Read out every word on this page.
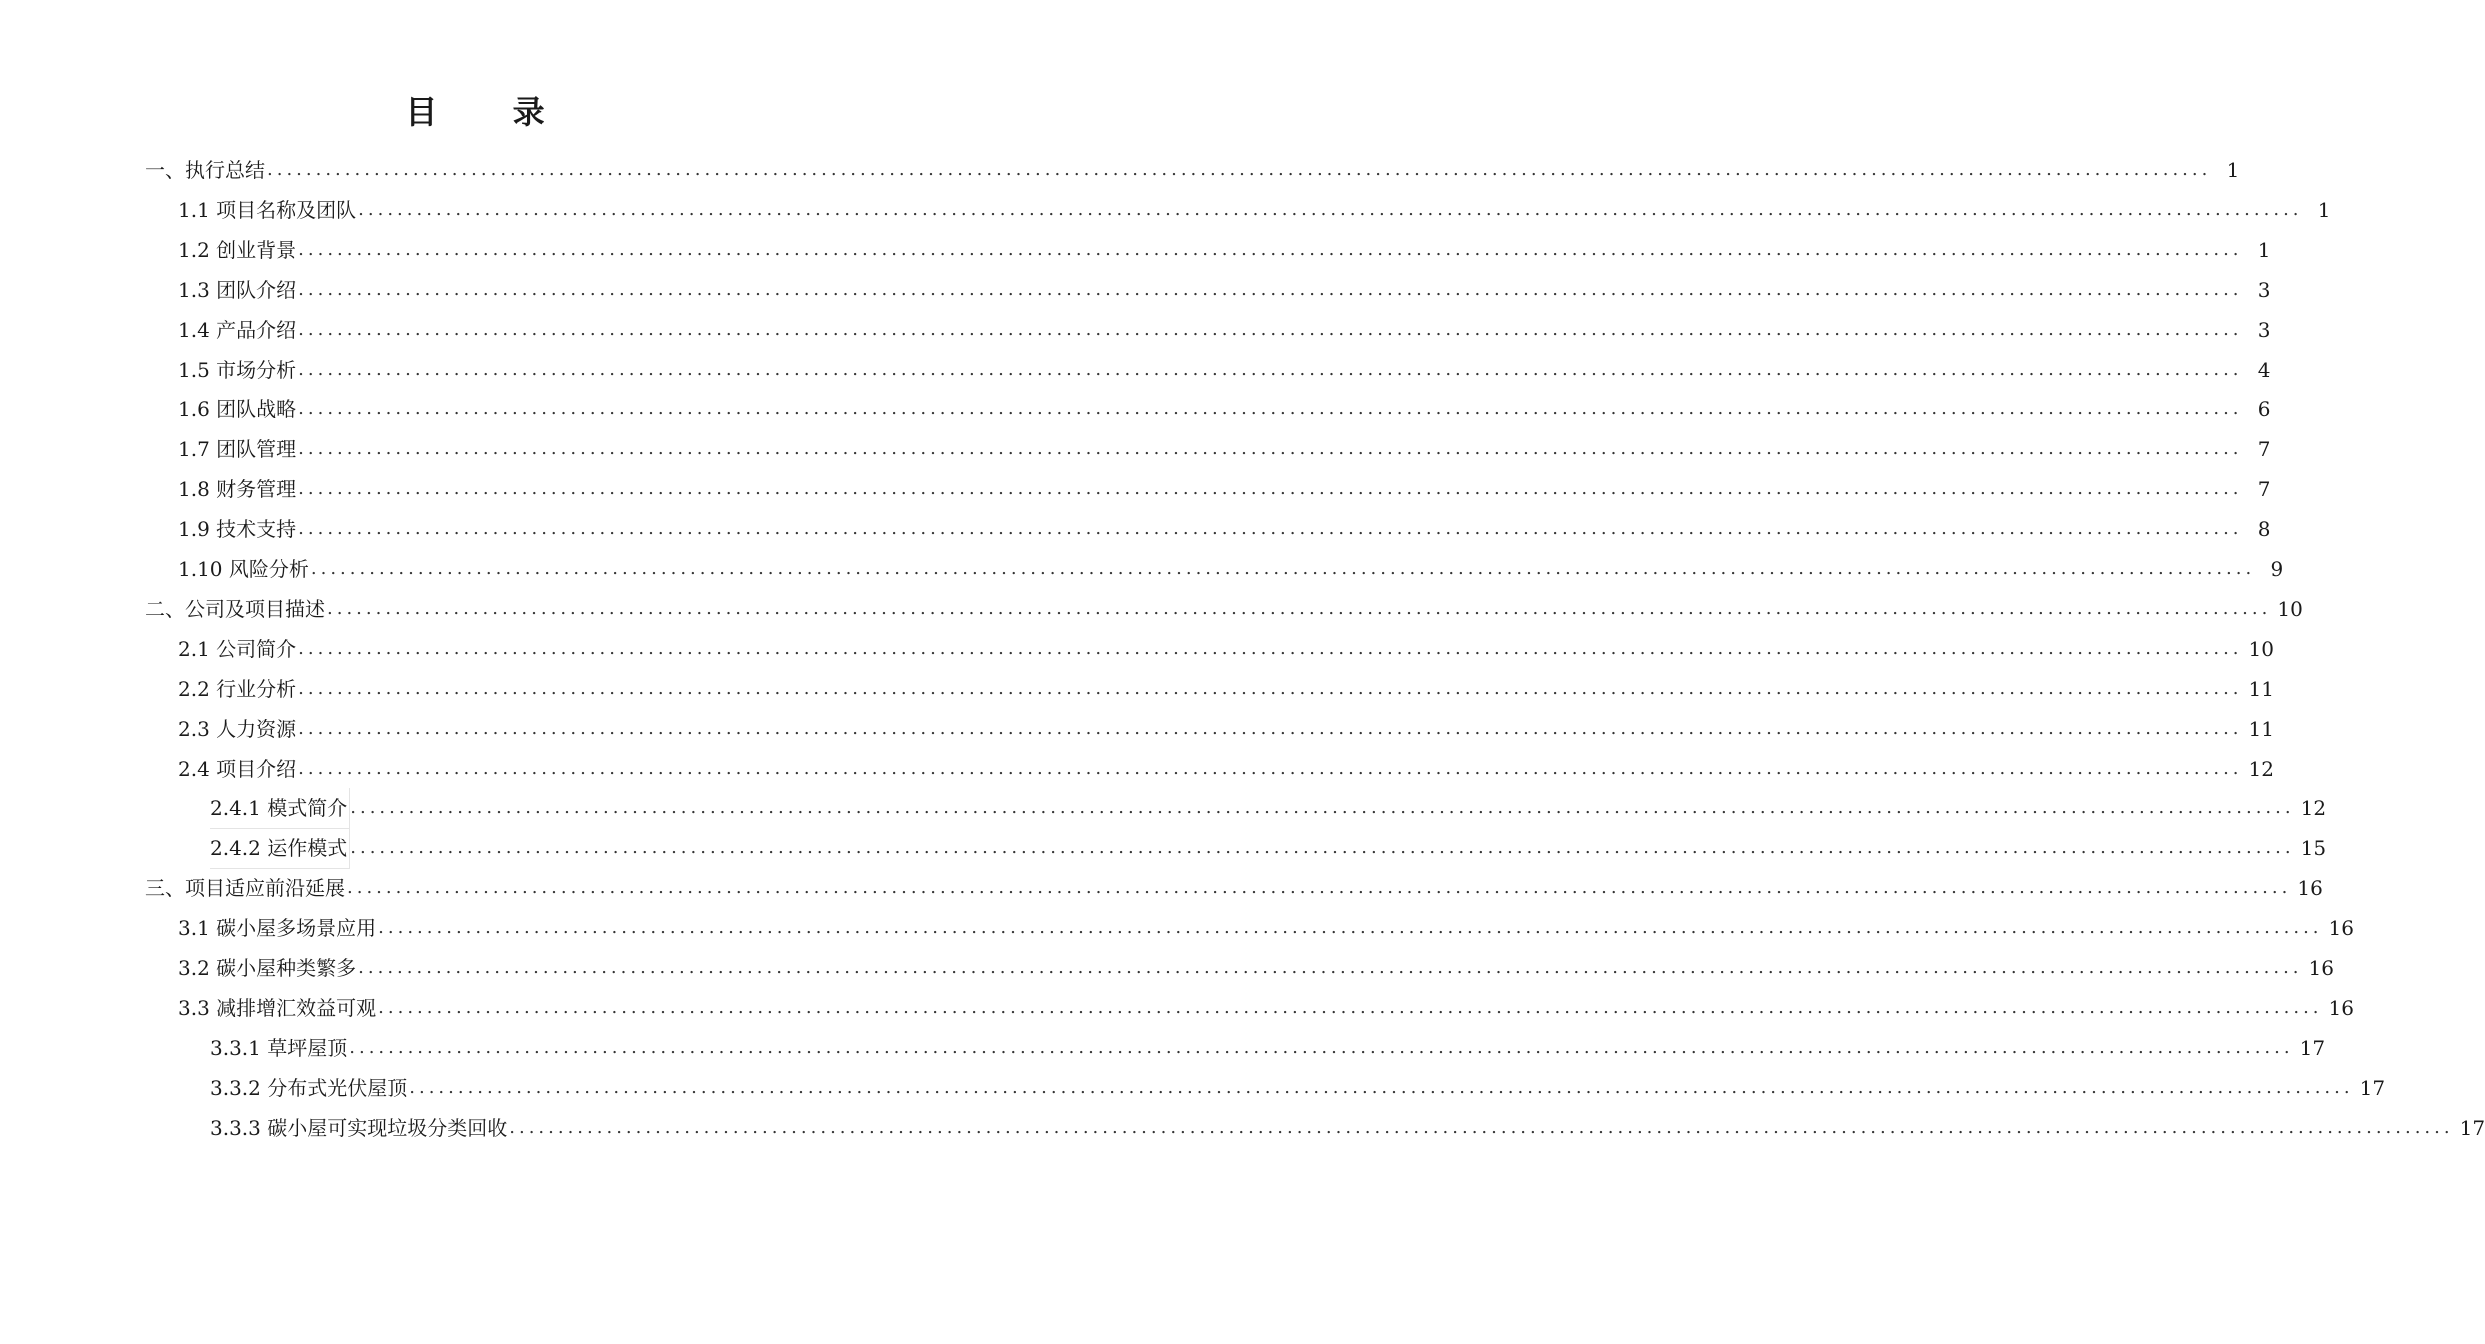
目 录
一、执行总结 ........................................................................................................................................................................................................ 1
1.1 项目名称及团队 ........................................................................................................................................................................................................ 1
1.2 创业背景 ........................................................................................................................................................................................................ 1
1.3 团队介绍 ........................................................................................................................................................................................................ 3
1.4 产品介绍 ........................................................................................................................................................................................................ 3
1.5 市场分析 ........................................................................................................................................................................................................ 4
1.6 团队战略 ........................................................................................................................................................................................................ 6
1.7 团队管理 ........................................................................................................................................................................................................ 7
1.8 财务管理 ........................................................................................................................................................................................................ 7
1.9 技术支持 ........................................................................................................................................................................................................ 8
1.10 风险分析 ........................................................................................................................................................................................................ 9
二、公司及项目描述 ........................................................................................................................................................................................................ 10
2.1 公司简介 ........................................................................................................................................................................................................ 10
2.2 行业分析 ........................................................................................................................................................................................................ 11
2.3 人力资源 ........................................................................................................................................................................................................ 11
2.4 项目介绍 ........................................................................................................................................................................................................ 12
2.4.1 模式简介 ........................................................................................................................................................................................................ 12
2.4.2 运作模式 ........................................................................................................................................................................................................ 15
三、项目适应前沿延展 ........................................................................................................................................................................................................ 16
3.1 碳小屋多场景应用 ........................................................................................................................................................................................................ 16
3.2 碳小屋种类繁多 ........................................................................................................................................................................................................ 16
3.3 减排增汇效益可观 ........................................................................................................................................................................................................ 16
3.3.1 草坪屋顶 ........................................................................................................................................................................................................ 17
3.3.2 分布式光伏屋顶 ........................................................................................................................................................................................................ 17
3.3.3 碳小屋可实现垃圾分类回收 ........................................................................................................................................................................................................ 17
